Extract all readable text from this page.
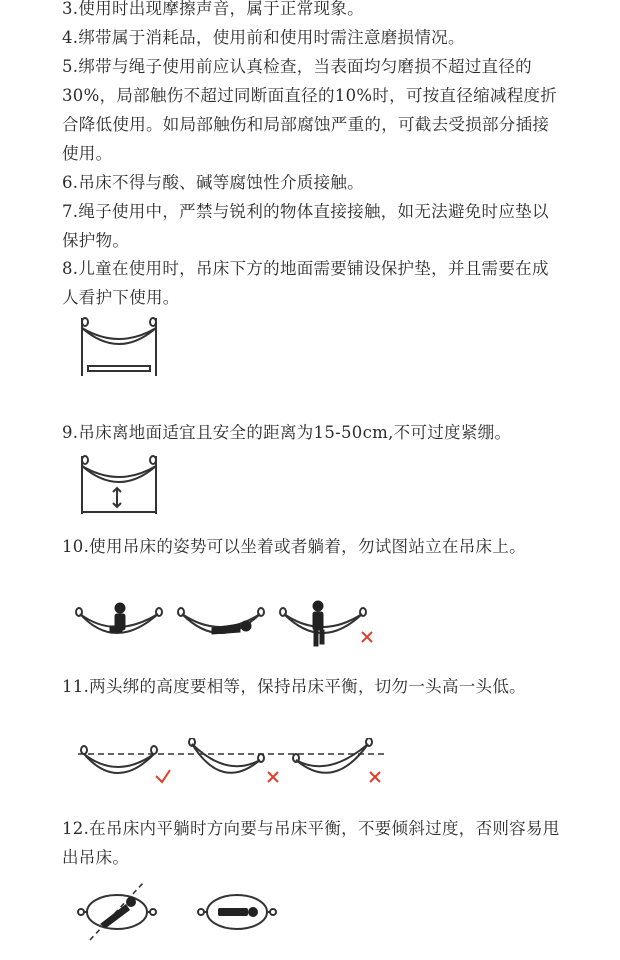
3.使用时出现摩擦声音，属于正常现象。

4.绑带属于消耗品，使用前和使用时需注意磨损情况。

5.绑带与绳子使用前应认真检查，当表面均匀磨损不超过直径的30%，局部触伤不超过同断面直径的10%时，可按直径缩减程度折合降低使用。如局部触伤和局部腐蚀严重的，可截去受损部分插接使用。

6.吊床不得与酸、碱等腐蚀性介质接触。

7.绳子使用中，严禁与锐利的物体直接接触，如无法避免时应垫以保护物。

8.儿童在使用时，吊床下方的地面需要铺设保护垫，并且需要在成人看护下使用。

9.吊床离地面适宜且安全的距离为15-50cm,不可过度紧绷。

10.使用吊床的姿势可以坐着或者躺着，勿试图站立在吊床上。

11.两头绑的高度要相等，保持吊床平衡，切勿一头高一头低。

12.在吊床内平躺时方向要与吊床平衡，不要倾斜过度，否则容易甩出吊床。
